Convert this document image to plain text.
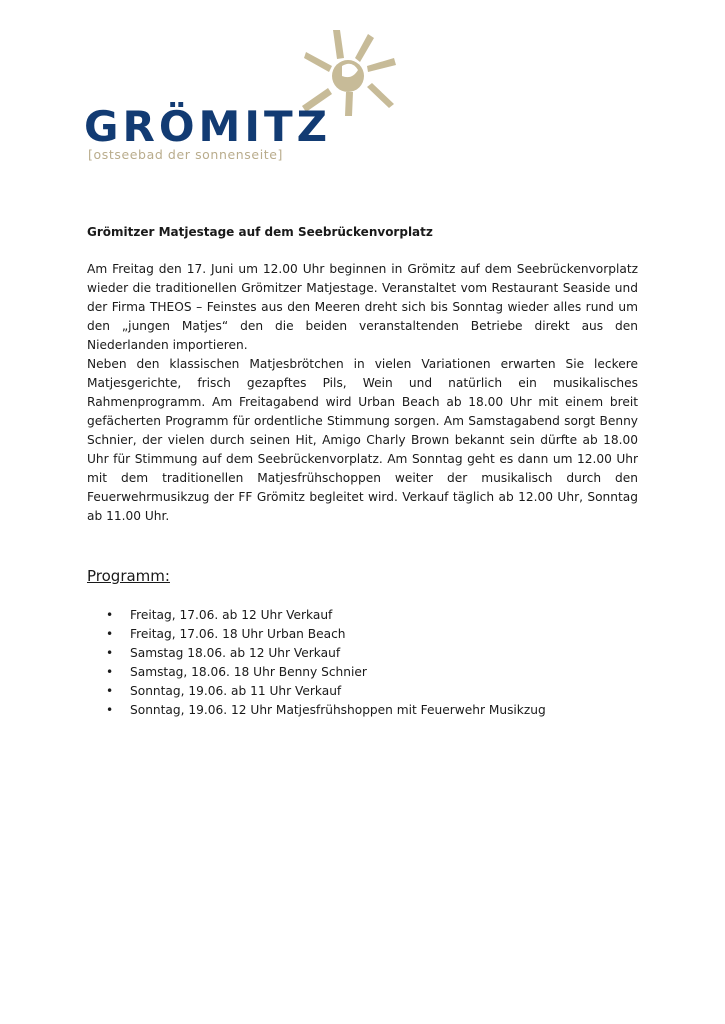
GRÖMITZ
[ostseebad der sonnenseite]
Grömitzer Matjestage auf dem Seebrückenvorplatz

Am Freitag den 17. Juni um 12.00 Uhr beginnen in Grömitz auf dem Seebrückenvorplatz wieder die traditionellen Grömitzer Matjestage. Veranstaltet vom Restaurant Seaside und der Firma THEOS – Feinstes aus den Meeren dreht sich bis Sonntag wieder alles rund um den „jungen Matjes“ den die beiden veranstaltenden Betriebe direkt aus den Niederlanden importieren.

Neben den klassischen Matjesbrötchen in vielen Variationen erwarten Sie leckere Matjesgerichte, frisch gezapftes Pils, Wein und natürlich ein musikalisches Rahmenprogramm. Am Freitagabend wird Urban Beach ab 18.00 Uhr mit einem breit gefächerten Programm für ordentliche Stimmung sorgen. Am Samstagabend sorgt Benny Schnier, der vielen durch seinen Hit, Amigo Charly Brown bekannt sein dürfte ab 18.00 Uhr für Stimmung auf dem Seebrückenvorplatz. Am Sonntag geht es dann um 12.00 Uhr mit dem traditionellen Matjesfrühschoppen weiter der musikalisch durch den Feuerwehrmusikzug der FF Grömitz begleitet wird. Verkauf täglich ab 12.00 Uhr, Sonntag ab 11.00 Uhr.

Programm:
• Freitag, 17.06. ab 12 Uhr Verkauf
• Freitag, 17.06. 18 Uhr Urban Beach
• Samstag 18.06. ab 12 Uhr Verkauf
• Samstag, 18.06. 18 Uhr Benny Schnier
• Sonntag, 19.06. ab 11 Uhr Verkauf
• Sonntag, 19.06. 12 Uhr Matjesfrühshoppen mit Feuerwehr Musikzug
